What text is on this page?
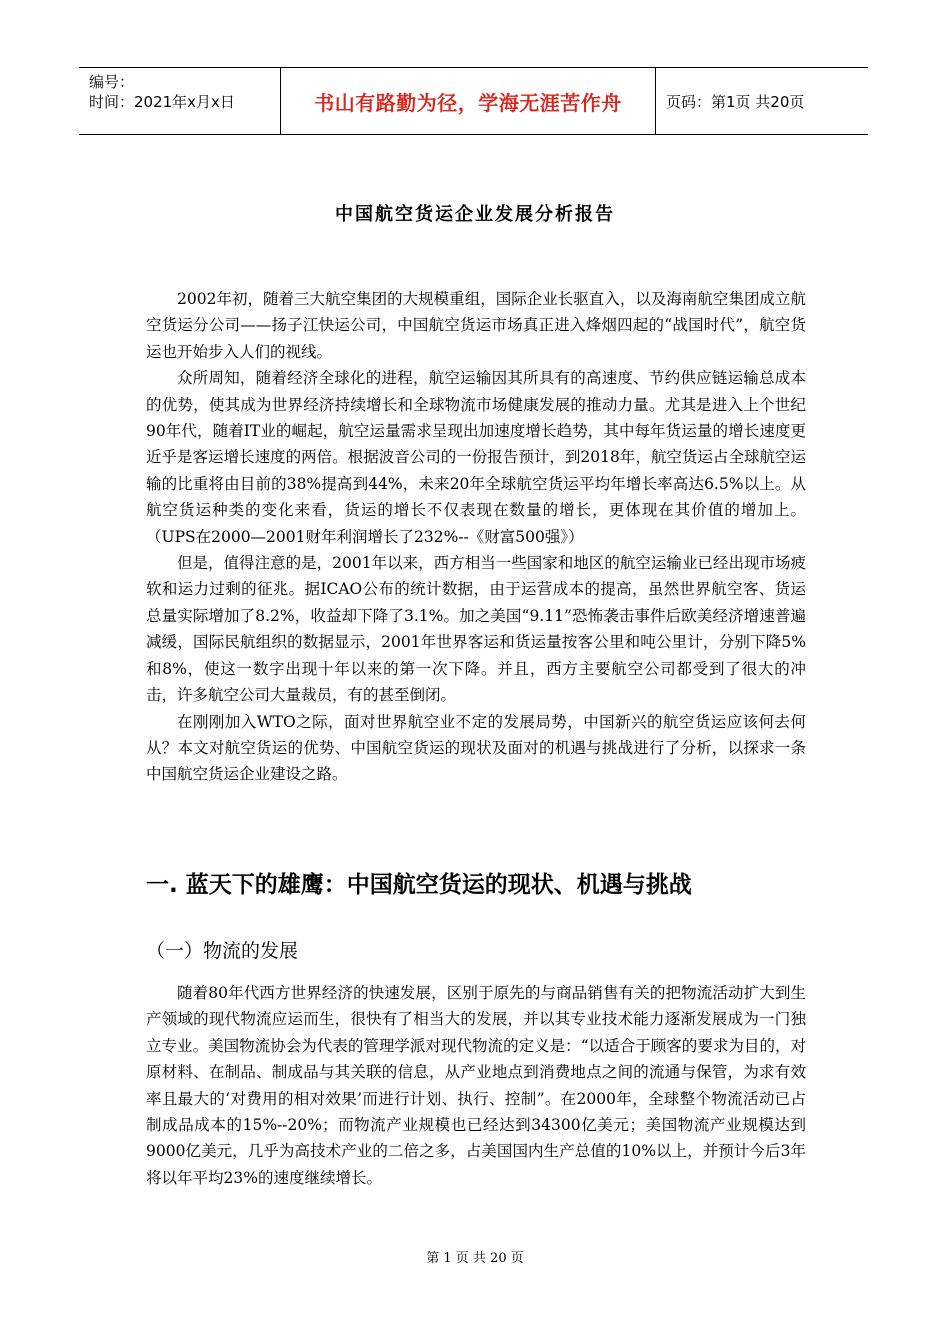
编号：
时间：2021年x月x日	书山有路勤为径，学海无涯苦作舟	页码：第1页 共20页
中国航空货运企业发展分析报告

2002年初，随着三大航空集团的大规模重组，国际企业长驱直入，以及海南航空集团成立航空货运分公司——扬子江快运公司，中国航空货运市场真正进入烽烟四起的“战国时代”，航空货运也开始步入人们的视线。

众所周知，随着经济全球化的进程，航空运输因其所具有的高速度、节约供应链运输总成本的优势，使其成为世界经济持续增长和全球物流市场健康发展的推动力量。尤其是进入上个世纪90年代，随着IT业的崛起，航空运量需求呈现出加速度增长趋势，其中每年货运量的增长速度更近乎是客运增长速度的两倍。根据波音公司的一份报告预计，到2018年，航空货运占全球航空运输的比重将由目前的38%提高到44%，未来20年全球航空货运平均年增长率高达6.5%以上。从航空货运种类的变化来看，货运的增长不仅表现在数量的增长，更体现在其价值的增加上。（UPS在2000—2001财年利润增长了232%--《财富500强》）

但是，值得注意的是，2001年以来，西方相当一些国家和地区的航空运输业已经出现市场疲软和运力过剩的征兆。据ICAO公布的统计数据，由于运营成本的提高，虽然世界航空客、货运总量实际增加了8.2%，收益却下降了3.1%。加之美国“9.11”恐怖袭击事件后欧美经济增速普遍减缓，国际民航组织的数据显示，2001年世界客运和货运量按客公里和吨公里计，分别下降5%和8%，使这一数字出现十年以来的第一次下降。并且，西方主要航空公司都受到了很大的冲击，许多航空公司大量裁员，有的甚至倒闭。

在刚刚加入WTO之际，面对世界航空业不定的发展局势，中国新兴的航空货运应该何去何从？本文对航空货运的优势、中国航空货运的现状及面对的机遇与挑战进行了分析，以探求一条中国航空货运企业建设之路。

一. 蓝天下的雄鹰：中国航空货运的现状、机遇与挑战
（一）物流的发展

随着80年代西方世界经济的快速发展，区别于原先的与商品销售有关的把物流活动扩大到生产领域的现代物流应运而生，很快有了相当大的发展，并以其专业技术能力逐渐发展成为一门独立专业。美国物流协会为代表的管理学派对现代物流的定义是：“以适合于顾客的要求为目的，对原材料、在制品、制成品与其关联的信息，从产业地点到消费地点之间的流通与保管，为求有效率且最大的‘对费用的相对效果’而进行计划、执行、控制”。在2000年，全球整个物流活动已占制成品成本的15%--20%；而物流产业规模也已经达到34300亿美元；美国物流产业规模达到9000亿美元，几乎为高技术产业的二倍之多，占美国国内生产总值的10%以上，并预计今后3年将以年平均23%的速度继续增长。

第 1 页 共 20 页
